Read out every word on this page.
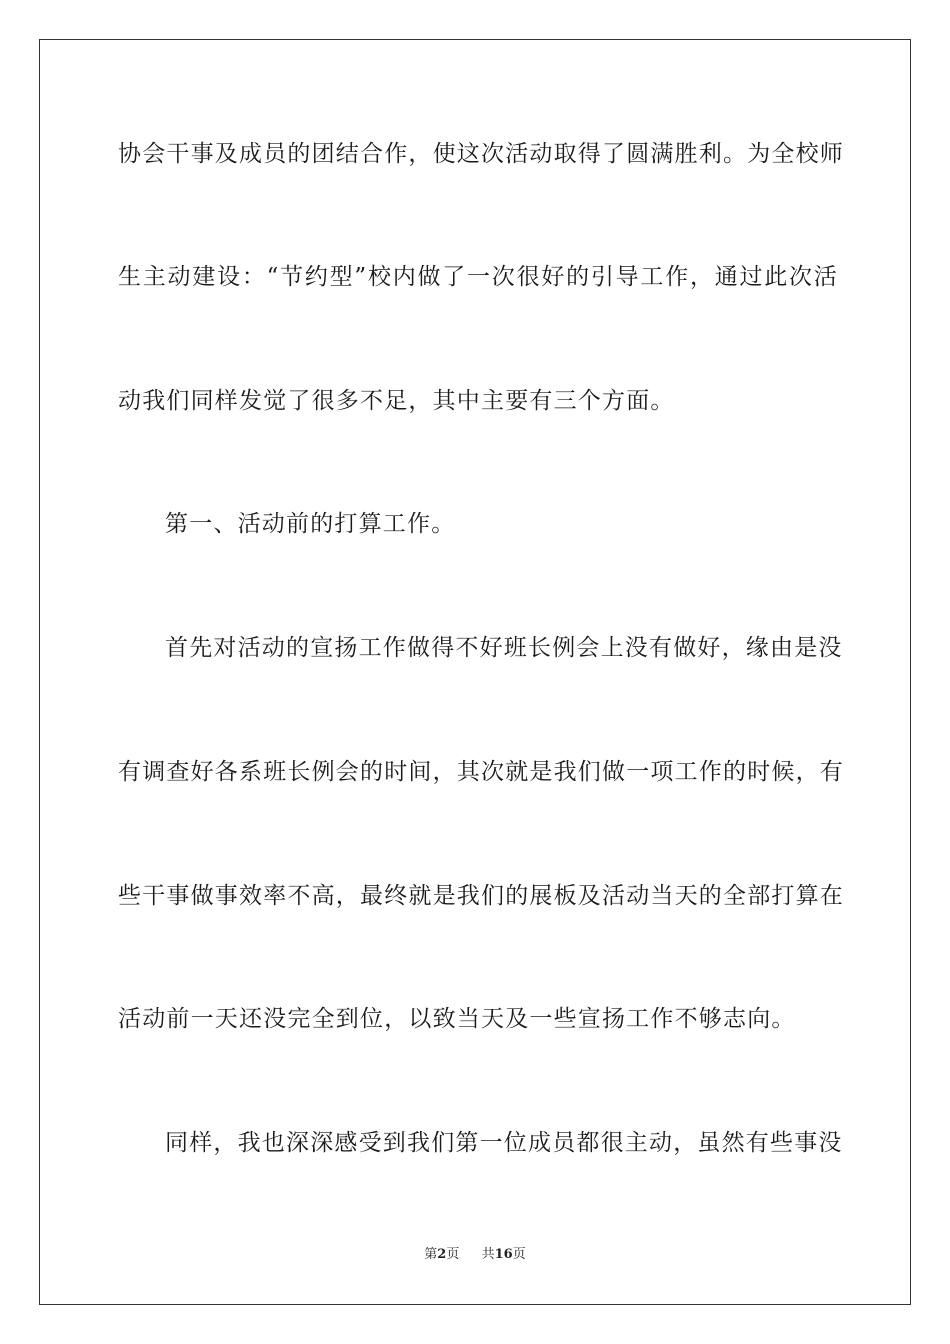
协会干事及成员的团结合作，使这次活动取得了圆满胜利。为全校师
生主动建设：“节约型”校内做了一次很好的引导工作，通过此次活
动我们同样发觉了很多不足，其中主要有三个方面。
第一、活动前的打算工作。
首先对活动的宣扬工作做得不好班长例会上没有做好，缘由是没
有调查好各系班长例会的时间，其次就是我们做一项工作的时候，有
些干事做事效率不高，最终就是我们的展板及活动当天的全部打算在
活动前一天还没完全到位，以致当天及一些宣扬工作不够志向。
同样，我也深深感受到我们第一位成员都很主动，虽然有些事没
第2页 共16页
